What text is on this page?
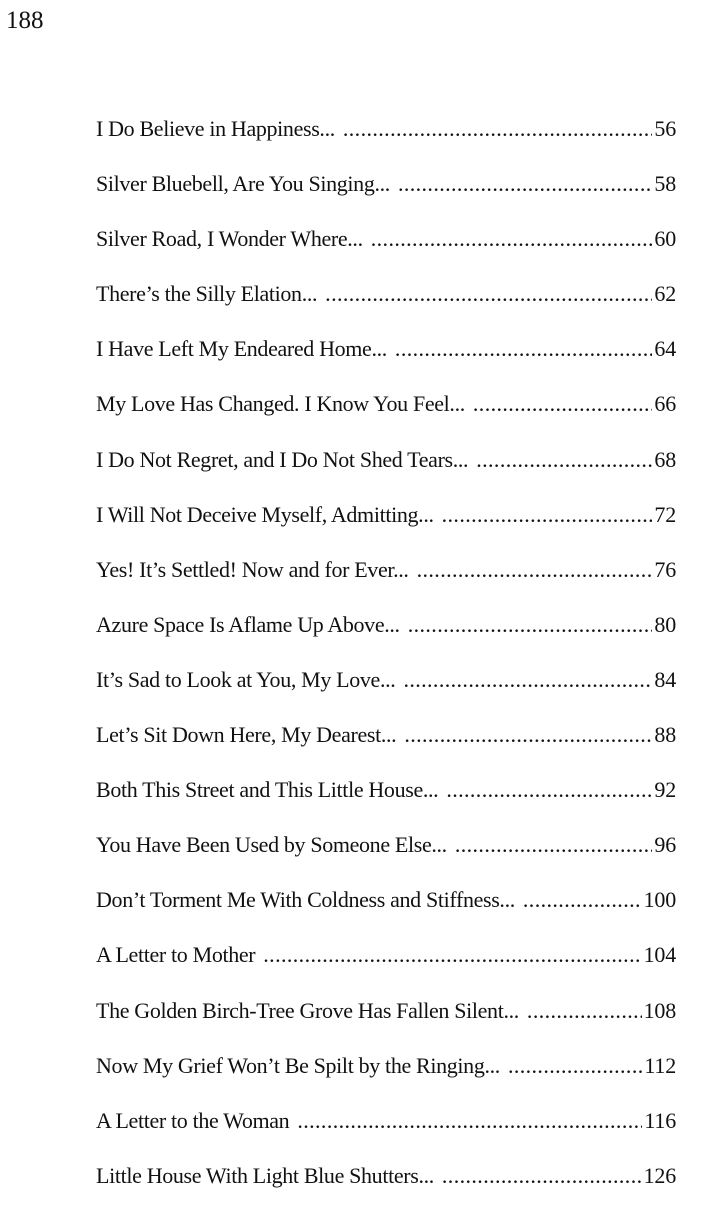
188
I Do Believe in Happiness... .....	56
Silver Bluebell, Are You Singing... .....	58
Silver Road, I Wonder Where... .....	60
There’s the Silly Elation... .....	62
I Have Left My Endeared Home... .....	64
My Love Has Changed. I Know You Feel... .....	66
I Do Not Regret, and I Do Not Shed Tears... .....	68
I Will Not Deceive Myself, Admitting... .....	72
Yes! It’s Settled! Now and for Ever... .....	76
Azure Space Is Aflame Up Above... .....	80
It’s Sad to Look at You, My Love... .....	84
Let’s Sit Down Here, My Dearest... .....	88
Both This Street and This Little House... .....	92
You Have Been Used by Someone Else... .....	96
Don’t Torment Me With Coldness and Stiffness... .....	100
A Letter to Mother .....	104
The Golden Birch-Tree Grove Has Fallen Silent... .....	108
Now My Grief Won’t Be Spilt by the Ringing... .....	112
A Letter to the Woman .....	116
Little House With Light Blue Shutters... .....	126
